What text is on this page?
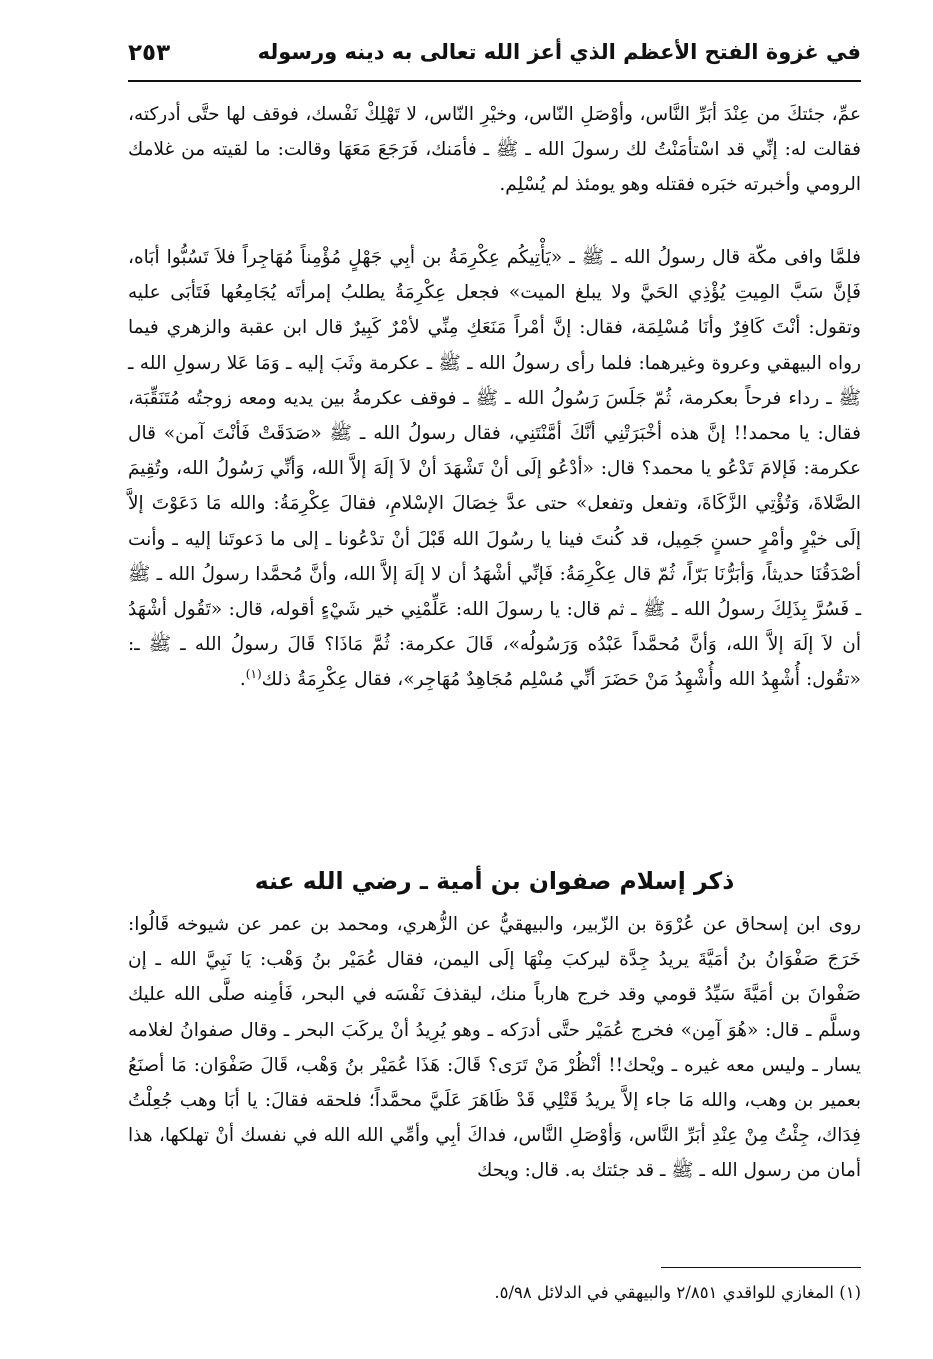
في غزوة الفتح الأعظم الذي أعز الله تعالى به دينه ورسوله
٢٥٣

عمِّ، جئتكَ من عِنْدَ أبَرِّ النَّاس، وأوْصَلِ النّاس، وخيْرِ النّاس، لا تَهْلِكْ نَفْسك، فوقف لها حتَّى أدركته، فقالت له: إنِّي قد اسْتأمَنْتُ لك رسولَ الله ـ ﷺ ـ فأمَنك، فَرَجَعَ مَعَهَا وقالت: ما لقيته من غلامك الرومي وأخبرته خبَره فقتله وهو يومئذ لم يُسْلِم.

فلمَّا وافى مكّة قال رسولُ الله ـ ﷺ ـ «يَأْتِيكُم عِكْرِمَةُ بن أبِي جَهْلٍ مُؤْمِناً مُهَاجِراً فلاَ تَسُبُّوا أبَاه، فَإنَّ سَبَّ المِيتِ يُؤْذِي الحَيَّ ولا يبلغ الميت» فجعل عِكْرِمَةُ يطلبُ إمرأتَه يُجَامِعُها فَتَأبَى عليه وتقول: أنْتَ كَافِرٌ وأنَا مُسْلِمَة، فقال: إنَّ أمْراً مَنَعَكِ مِنِّي لأمْرٌ كَبِيرٌ قال ابن عقبة والزهري فيما رواه البيهقي وعروة وغيرهما: فلما رأى رسولُ الله ـ ﷺ ـ عكرمة وثَبَ إليه ـ وَمَا عَلا رسولِ الله ـ ﷺ ـ رداء فرحاً بعكرمة، ثُمّ جَلَسَ رَسُولُ الله ـ ﷺ ـ فوقف عكرمةُ بين يديه ومعه زوجتُه مُتَنَقِّبَة، فقال: يا محمد!! إنَّ هذه أخْبَرَتْنِي أنَّكَ أمَّنْتَنِي، فقال رسولُ الله ـ ﷺ «صَدَقَتْ فَأنْتَ آمن» قال عكرمة: فَإلامَ تَدْعُو يا محمد؟ قال: «أدْعُو إلَى أنْ تَشْهَدَ أنْ لاَ إلَهَ إلاَّ الله، وَأنِّي رَسُولُ الله، وتُقِيمَ الصَّلاةَ، وَتُؤْتِي الزَّكَاةَ، وتفعل وتفعل» حتى عدَّ خِصَالَ الإسْلامِ، فقالَ عِكْرِمَةُ: والله مَا دَعَوْتَ إلاَّ إلَى خيْرٍ وأمْرٍ حسنٍ جَمِيل، قد كُنتَ فينا يا رسُولَ الله قَبْلَ أنْ تدْعُونا ـ إلى ما دَعوتَنا إليه ـ وأنت أصْدَقُنَا حديثاً، وَأبَرُّنَا بَرّاً، ثُمّ قال عِكْرِمَةُ: فَإنِّي أشْهَدُ أن لا إلَهَ إلاَّ الله، وأنَّ مُحمَّدا رسولُ الله ـ ﷺ ـ فَسُرَّ بِذَلِكَ رسولُ الله ـ ﷺ ـ ثم قال: يا رسولَ الله: عَلِّمْنِي خير شَيْءٍ أقوله، قال: «تَقُول أشْهَدُ أن لاَ إلَهَ إلاَّ الله، وَأنَّ مُحمَّداً عَبْدُه وَرَسُولُه»، قَالَ عكرمة: ثُمَّ مَاذَا؟ قَالَ رسولُ الله ـ ﷺ ـ: «تقُول: أُشْهِدُ الله وأُشْهِدُ مَنْ حَضَرَ أنِّي مُسْلِم مُجَاهِدٌ مُهَاجِر»، فقال عِكْرِمَةُ ذلك$^{(١)}$.

ذكر إسلام صفوان بن أمية ـ رضي الله عنه

روى ابن إسحاق عن عُرْوَة بن الزّبير، والبيهقيُّ عن الزُّهري، ومحمد بن عمر عن شيوخه قَالُوا: خَرَجَ صَفْوَانُ بنُ أمَيَّةَ يريدُ جِدَّة ليركبَ مِنْهَا إلَى اليمن، فقال عُمَيْر بنُ وَهْب: يَا نَبِيَّ الله ـ إن صَفْوانَ بن أمَيَّةَ سَيِّدُ قومي وقد خرج هارباً منك، ليقذفَ نَفْسَه في البحر، فَأمِنه صلَّى الله عليك وسلَّم ـ قال: «هُوَ آمِن» فخرج عُمَيْر حتَّى أدرَكه ـ وهو يُرِيدُ أنْ يركَبَ البحر ـ وقال صفوانُ لغلامه يسار ـ وليس معه غيره ـ ويْحك!! أنْظُرْ مَنْ تَرَى؟ قَالَ: هَذَا عُمَيْر بنُ وَهْب، قَالَ صَفْوَان: مَا أصنَعُ بعمير بن وهب، والله مَا جاء إلاَّ يريدُ قَتْلِي قَدْ ظَاهَرَ عَلَيَّ محمَّداً؛ فلحقه فقالَ: يا أبَا وهب جُعِلْتُ فِدَاك، جِئْتُ مِنْ عِنْدِ أبَرِّ النَّاس، وَأوْصَلِ النَّاس، فداكَ أبِي وأمِّي الله الله في نفسك أنْ تهلكها، هذا أمان من رسول الله ـ ﷺ ـ قد جئتك به. قال: ويحك

(١) المغازي للواقدي ٢/٨٥١ والبيهقي في الدلائل ٥/٩٨.
